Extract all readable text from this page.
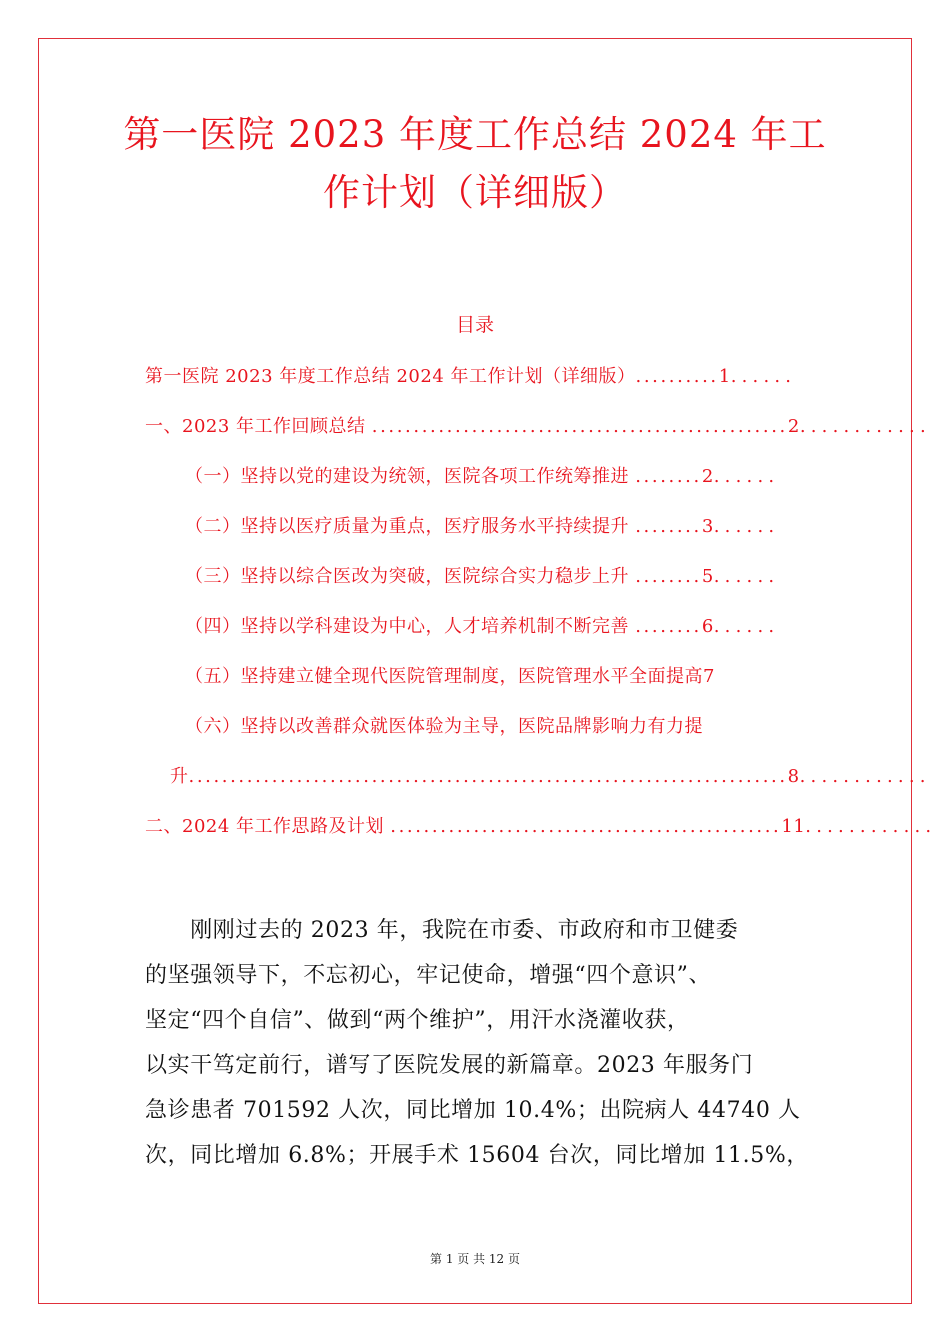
第一医院 2023 年度工作总结 2024 年工
作计划（详细版）
目录
第一医院 2023 年度工作总结 2024 年工作计划（详细版）..........1......
一、2023 年工作回顾总结 ..................................................2............
（一）坚持以党的建设为统领，医院各项工作统筹推进 ........2......
（二）坚持以医疗质量为重点，医疗服务水平持续提升 ........3......
（三）坚持以综合医改为突破，医院综合实力稳步上升 ........5......
（四）坚持以学科建设为中心，人才培养机制不断完善 ........6......
（五）坚持建立健全现代医院管理制度，医院管理水平全面提高7
（六）坚持以改善群众就医体验为主导，医院品牌影响力有力提
升........................................................................8............
二、2024 年工作思路及计划 ...............................................11............

　　刚刚过去的 2023 年，我院在市委、市政府和市卫健委

的坚强领导下，不忘初心，牢记使命，增强“四个意识”、

坚定“四个自信”、做到“两个维护”，用汗水浇灌收获，

以实干笃定前行，谱写了医院发展的新篇章。2023 年服务门

急诊患者 701592 人次，同比增加 10.4%；出院病人 44740 人

次，同比增加 6.8%；开展手术 15604 台次，同比增加 11.5%，

第 1 页 共 12 页
